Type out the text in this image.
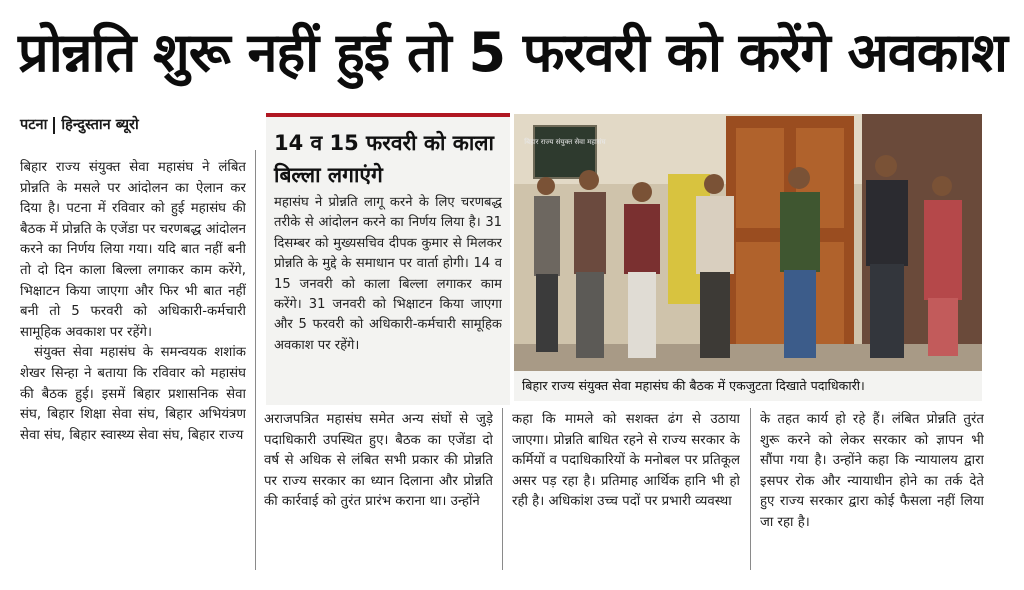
प्रोन्नति शुरू नहीं हुई तो 5 फरवरी को करेंगे अवकाश
पटना हिन्दुस्तान ब्यूरो

बिहार राज्य संयुक्त सेवा महासंघ ने लंबित प्रोन्नति के मसले पर आंदोलन का ऐलान कर दिया है। पटना में रविवार को हुई महासंघ की बैठक में प्रोन्नति के एजेंडा पर चरणबद्ध आंदोलन करने का निर्णय लिया गया। यदि बात नहीं बनी तो दो दिन काला बिल्ला लगाकर काम करेंगे, भिक्षाटन किया जाएगा और फिर भी बात नहीं बनी तो 5 फरवरी को अधिकारी-कर्मचारी सामूहिक अवकाश पर रहेंगे।

संयुक्त सेवा महासंघ के समन्वयक शशांक शेखर सिन्हा ने बताया कि रविवार को महासंघ की बैठक हुई। इसमें बिहार प्रशासनिक सेवा संघ, बिहार शिक्षा सेवा संघ, बिहार अभियंत्रण सेवा संघ, बिहार स्वास्थ्य सेवा संघ, बिहार राज्य

14 व 15 फरवरी को काला बिल्ला लगाएंगे
महासंघ ने प्रोन्नति लागू करने के लिए चरणबद्ध तरीके से आंदोलन करने का निर्णय लिया है। 31 दिसम्बर को मुख्यसचिव दीपक कुमार से मिलकर प्रोन्नति के मुद्दे के समाधान पर वार्ता होगी। 14 व 15 जनवरी को काला बिल्ला लगाकर काम करेंगे। 31 जनवरी को भिक्षाटन किया जाएगा और 5 फरवरी को अधिकारी-कर्मचारी सामूहिक अवकाश पर रहेंगे।
बिहार राज्य संयुक्त सेवा महासंघ
बिहार राज्य संयुक्त सेवा महासंघ की बैठक में एकजुटता दिखाते पदाधिकारी।
अराजपत्रित महासंघ समेत अन्य संघों से जुड़े पदाधिकारी उपस्थित हुए। बैठक का एजेंडा दो वर्ष से अधिक से लंबित सभी प्रकार की प्रोन्नति पर राज्य सरकार का ध्यान दिलाना और प्रोन्नति की कार्रवाई को तुरंत प्रारंभ कराना था। उन्होंने
कहा कि मामले को सशक्त ढंग से उठाया जाएगा। प्रोन्नति बाधित रहने से राज्य सरकार के कर्मियों व पदाधिकारियों के मनोबल पर प्रतिकूल असर पड़ रहा है। प्रतिमाह आर्थिक हानि भी हो रही है। अधिकांश उच्च पदों पर प्रभारी व्यवस्था
के तहत कार्य हो रहे हैं। लंबित प्रोन्नति तुरंत शुरू करने को लेकर सरकार को ज्ञापन भी सौंपा गया है। उन्होंने कहा कि न्यायालय द्वारा इसपर रोक और न्यायाधीन होने का तर्क देते हुए राज्य सरकार द्वारा कोई फैसला नहीं लिया जा रहा है।
